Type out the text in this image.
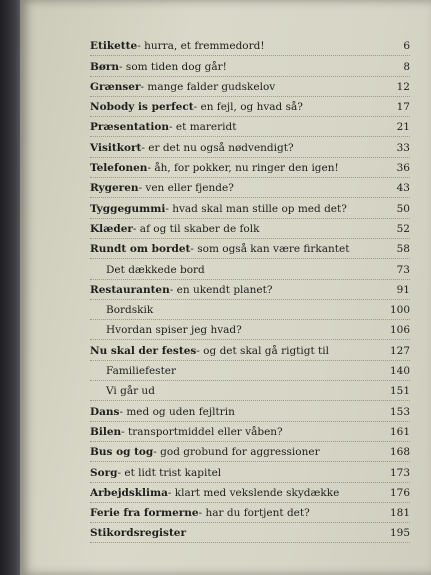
Etikette - hurra, et fremmedord!	6
Børn - som tiden dog går!	8
Grænser - mange falder gudskelov	12
Nobody is perfect - en fejl, og hvad så?	17
Præsentation - et mareridt	21
Visitkort - er det nu også nødvendigt?	33
Telefonen - åh, for pokker, nu ringer den igen!	36
Rygeren - ven eller fjende?	43
Tyggegummi - hvad skal man stille op med det?	50
Klæder - af og til skaber de folk	52
Rundt om bordet - som også kan være firkantet	58
Det dækkede bord	73
Restauranten - en ukendt planet?	91
Bordskik	100
Hvordan spiser jeg hvad?	106
Nu skal der festes - og det skal gå rigtigt til	127
Familiefester	140
Vi går ud	151
Dans - med og uden fejltrin	153
Bilen - transportmiddel eller våben?	161
Bus og tog - god grobund for aggressioner	168
Sorg - et lidt trist kapitel	173
Arbejdsklima - klart med vekslende skydække	176
Ferie fra formerne - har du fortjent det?	181
Stikordsregister	195
